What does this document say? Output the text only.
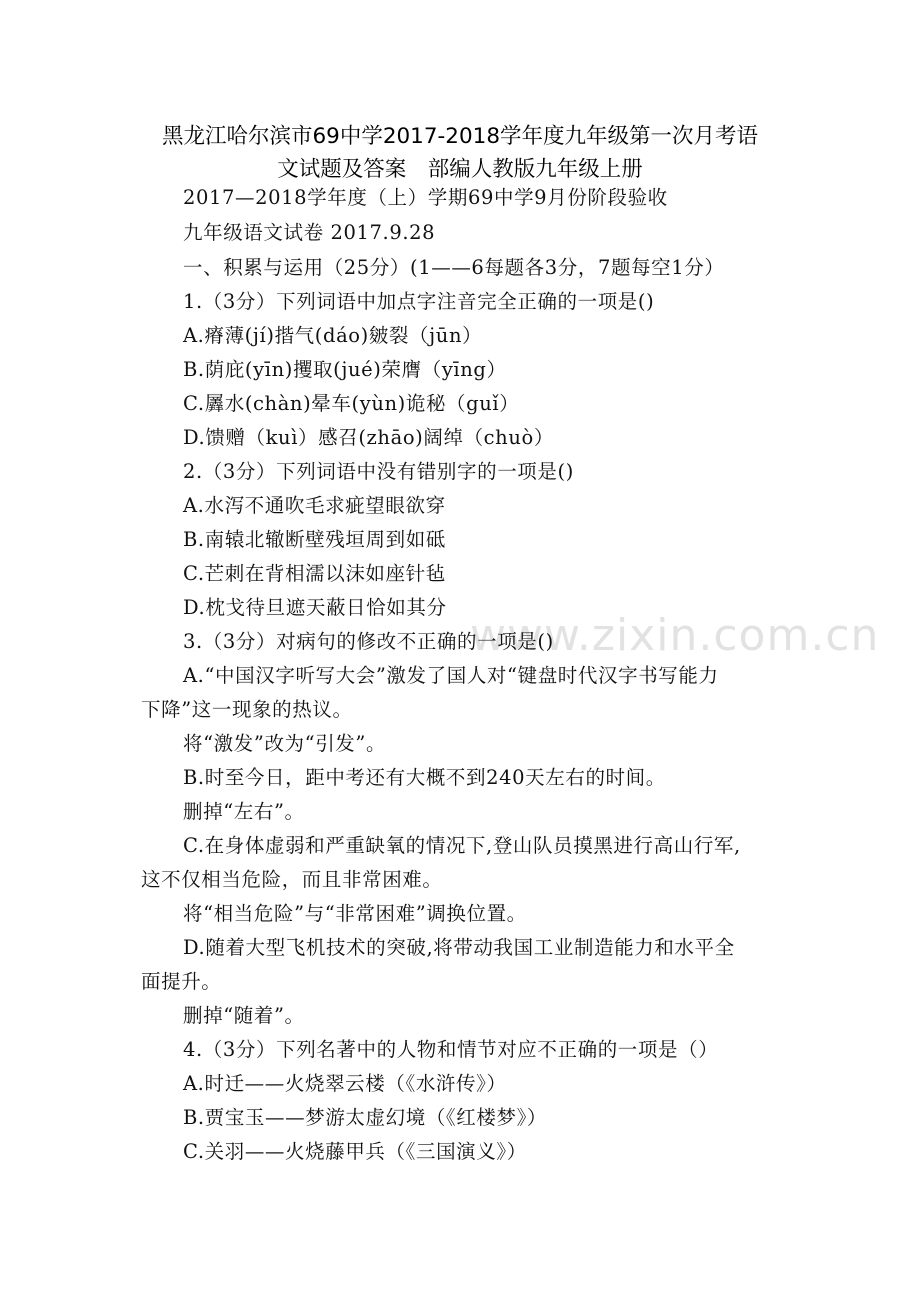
www.zixin.com.cn
黑龙江哈尔滨市69中学2017-2018学年度九年级第一次月考语
文试题及答案　部编人教版九年级上册
2017—2018学年度（上）学期69中学9月份阶段验收
九年级语文试卷 2017.9.28
一、积累与运用（25分）(1——6每题各3分，7题每空1分）
1.（3分）下列词语中加点字注音完全正确的一项是()
A.瘠薄(jí)揩气(dáo)皴裂（jūn）
B.荫庇(yīn)攫取(jué)荣膺（yīng）
C.羼水(chàn)晕车(yùn)诡秘（guǐ）
D.馈赠（kuì）感召(zhāo)阔绰（chuò）
2.（3分）下列词语中没有错别字的一项是()
A.水泻不通吹毛求疵望眼欲穿
B.南辕北辙断壁残垣周到如砥
C.芒刺在背相濡以沫如座针毡
D.枕戈待旦遮天蔽日恰如其分
3.（3分）对病句的修改不正确的一项是()
A.“中国汉字听写大会”激发了国人对“键盘时代汉字书写能力
下降”这一现象的热议。
将“激发”改为“引发”。
B.时至今日，距中考还有大概不到240天左右的时间。
删掉“左右”。
C.在身体虚弱和严重缺氧的情况下,登山队员摸黑进行高山行军,
这不仅相当危险，而且非常困难。
将“相当危险”与“非常困难”调换位置。
D.随着大型飞机技术的突破,将带动我国工业制造能力和水平全
面提升。
删掉“随着”。
4.（3分）下列名著中的人物和情节对应不正确的一项是（）
A.时迁——火烧翠云楼（《水浒传》）
B.贾宝玉——梦游太虚幻境（《红楼梦》）
C.关羽——火烧藤甲兵（《三国演义》）
